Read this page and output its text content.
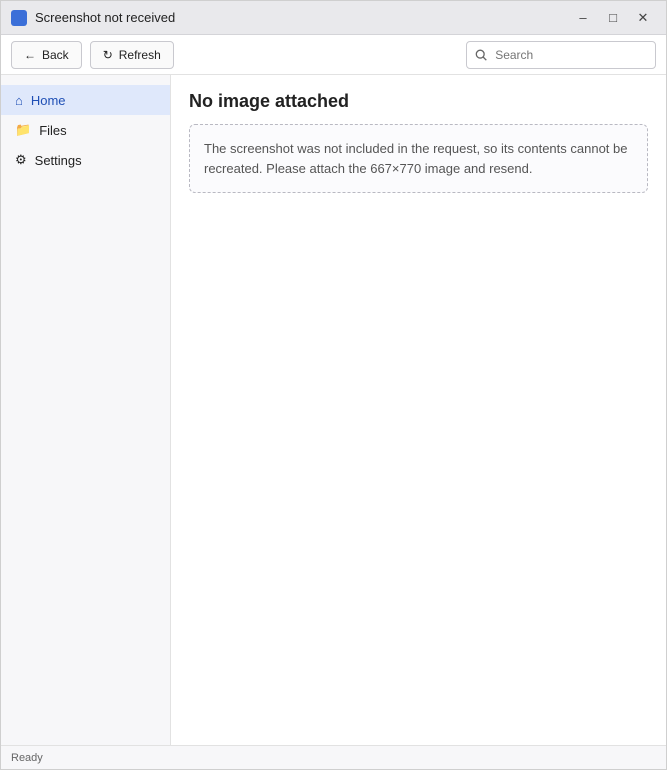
Screenshot not received	–	□	✕
← Back	↻ Refresh
Search
⌂ Home
📁 Files
⚙ Settings
No image attached
The screenshot was not included in the request, so its contents cannot be recreated. Please attach the 667×770 image and resend.
Ready
